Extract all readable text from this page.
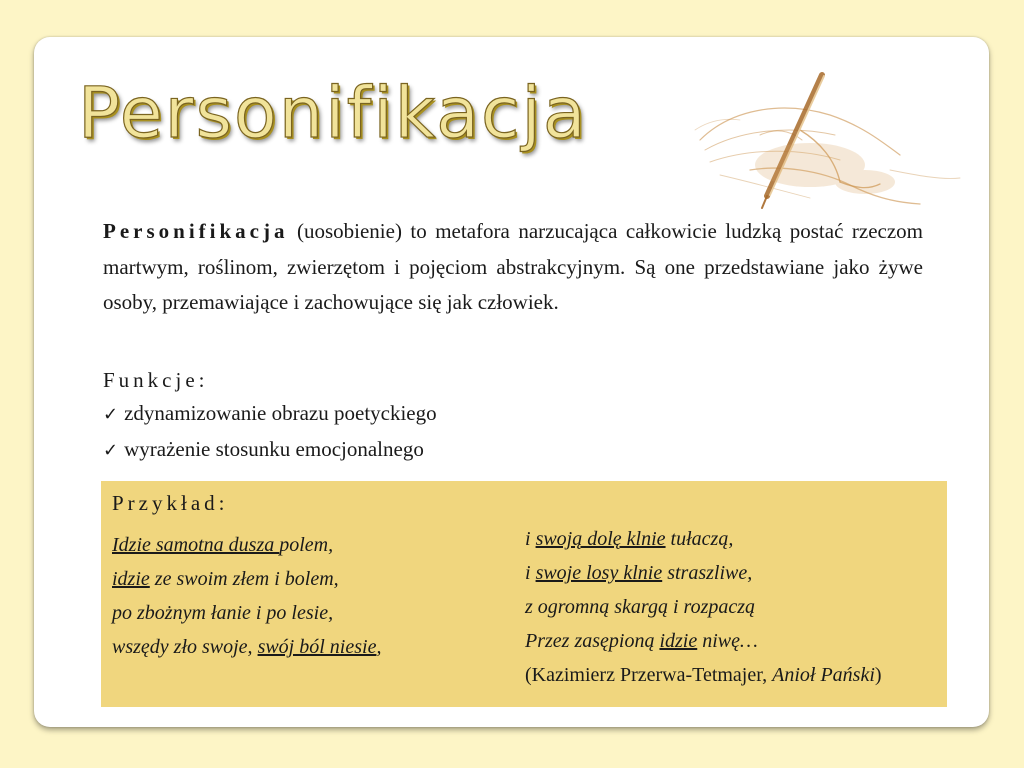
Personifikacja

Personifikacja (uosobienie) to metafora narzucająca całkowicie ludzką postać rzeczom martwym, roślinom, zwierzętom i pojęciom abstrakcyjnym. Są one przedstawiane jako żywe osoby, przemawiające i zachowujące się jak człowiek.

Funkcje:
✓ zdynamizowanie obrazu poetyckiego
✓ wyrażenie stosunku emocjonalnego
Przykład:
Idzie samotna dusza polem,
idzie ze swoim złem i bolem,
po zbożnym łanie i po lesie,
wszędy zło swoje, swój ból niesie,
i swoją dolę klnie tułaczą,
i swoje losy klnie straszliwe,
z ogromną skargą i rozpaczą
Przez zasępioną idzie niwę…
(Kazimierz Przerwa-Tetmajer, Anioł Pański)
